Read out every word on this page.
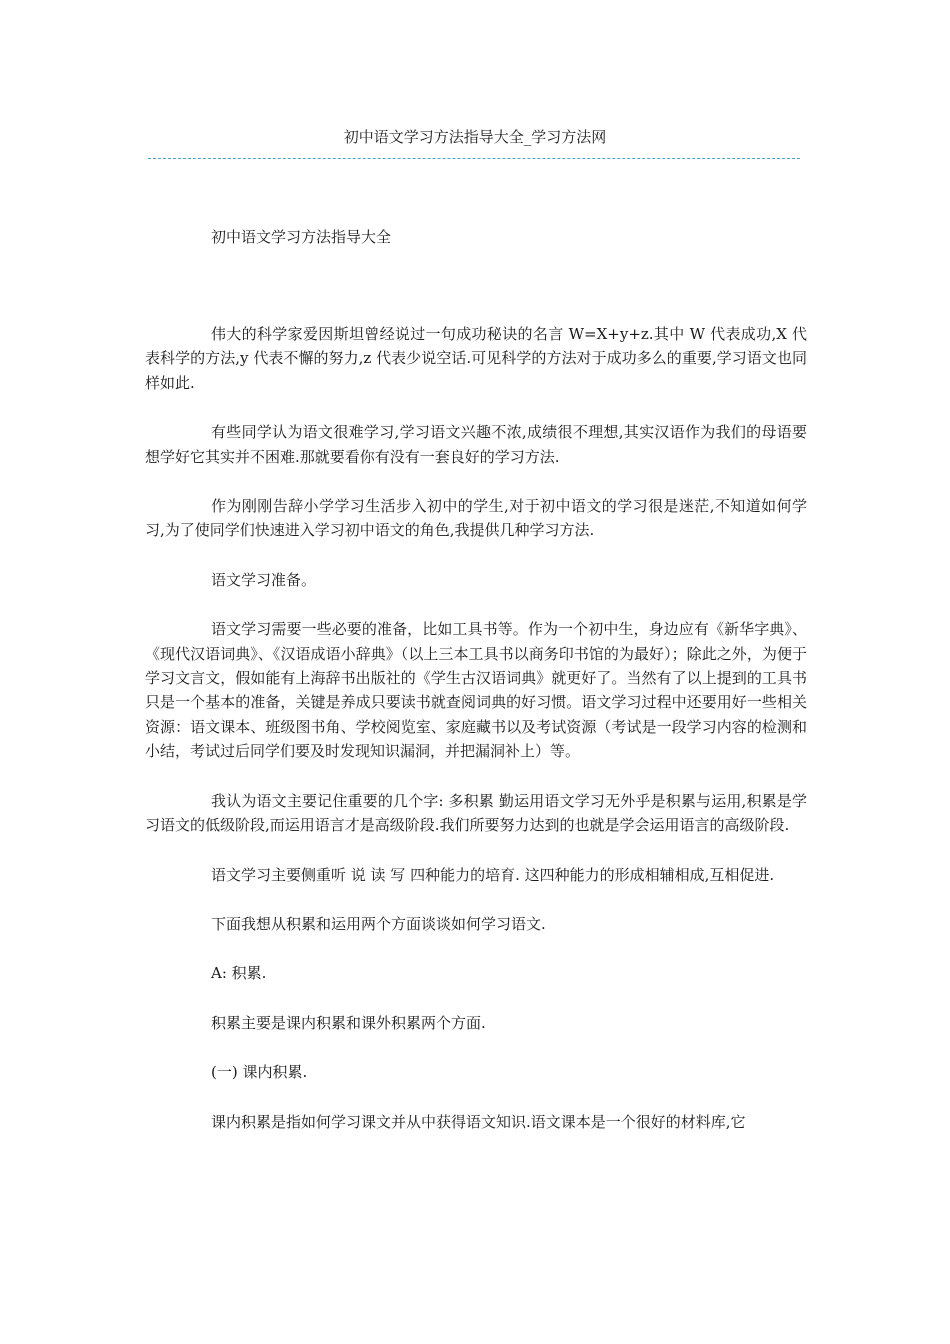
初中语文学习方法指导大全_学习方法网

初中语文学习方法指导大全

伟大的科学家爱因斯坦曾经说过一句成功秘诀的名言 W=X+y+z.其中 W 代表成功,X 代表科学的方法,y 代表不懈的努力,z 代表少说空话.可见科学的方法对于成功多么的重要,学习语文也同样如此.

有些同学认为语文很难学习,学习语文兴趣不浓,成绩很不理想,其实汉语作为我们的母语要想学好它其实并不困难.那就要看你有没有一套良好的学习方法.

作为刚刚告辞小学学习生活步入初中的学生,对于初中语文的学习很是迷茫,不知道如何学习,为了使同学们快速进入学习初中语文的角色,我提供几种学习方法.

语文学习准备。

语文学习需要一些必要的准备，比如工具书等。作为一个初中生，身边应有《新华字典》、《现代汉语词典》、《汉语成语小辞典》（以上三本工具书以商务印书馆的为最好）；除此之外，为便于学习文言文，假如能有上海辞书出版社的《学生古汉语词典》就更好了。当然有了以上提到的工具书只是一个基本的准备，关键是养成只要读书就查阅词典的好习惯。语文学习过程中还要用好一些相关资源：语文课本、班级图书角、学校阅览室、家庭藏书以及考试资源（考试是一段学习内容的检测和小结，考试过后同学们要及时发现知识漏洞，并把漏洞补上）等。

我认为语文主要记住重要的几个字: 多积累 勤运用语文学习无外乎是积累与运用,积累是学习语文的低级阶段,而运用语言才是高级阶段.我们所要努力达到的也就是学会运用语言的高级阶段.

语文学习主要侧重听 说 读 写 四种能力的培育. 这四种能力的形成相辅相成,互相促进.

下面我想从积累和运用两个方面谈谈如何学习语文.

A: 积累.

积累主要是课内积累和课外积累两个方面.

(一) 课内积累.

课内积累是指如何学习课文并从中获得语文知识.语文课本是一个很好的材料库,它
